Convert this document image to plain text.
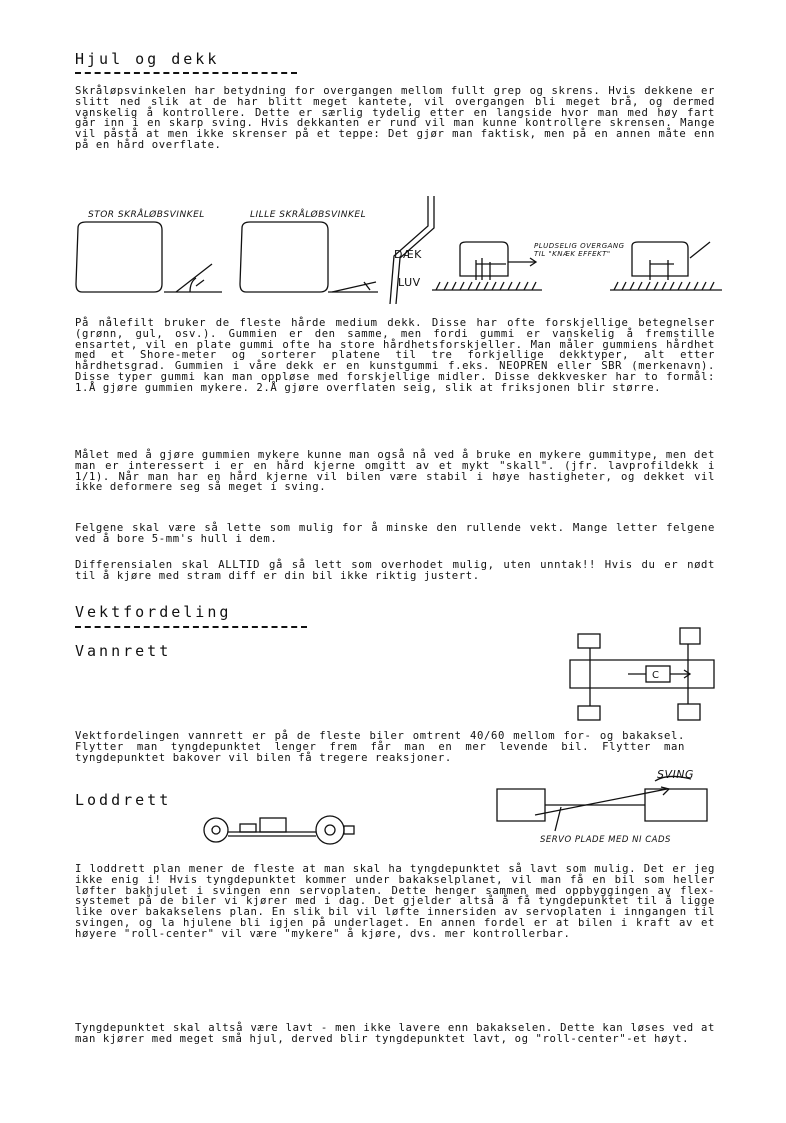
Hjul og dekk

Skråløpsvinkelen har betydning for overgangen mellom fullt grep og skrens. Hvis dekkene er slitt ned slik at de har blitt meget kantete, vil overgangen bli meget brå, og dermed vanskelig å kontrollere. Dette er særlig tydelig etter en langside hvor man med høy fart går inn i en skarp sving. Hvis dekkanten er rund vil man kunne kontrollere skrensen. Mange vil påstå at men ikke skrenser på et teppe: Det gjør man faktisk, men på en annen måte enn på en hård overflate.

STOR SKRÅLØBSVINKEL	LILLE SKRÅLØBSVINKEL
DÆK
LUV
PLUDSELIG OVERGANG TIL "KNÆK EFFEKT"

På nålefilt bruker de fleste hårde medium dekk. Disse har ofte forskjellige betegnelser (grønn, gul, osv.). Gummien er den samme, men fordi gummi er vanskelig å fremstille ensartet, vil en plate gummi ofte ha store hårdhetsforskjeller. Man måler gummiens hårdhet med et Shore-meter og sorterer platene til tre forkjellige dekktyper, alt etter hårdhetsgrad. Gummien i våre dekk er en kunstgummi f.eks. NEOPREN eller SBR (merkenavn). Disse typer gummi kan man oppløse med forskjellige midler. Disse dekkvesker har to formål: 1.Å gjøre gummien mykere. 2.Å gjøre overflaten seig, slik at friksjonen blir større.

Målet med å gjøre gummien mykere kunne man også nå ved å bruke en mykere gummitype, men det man er interessert i er en hård kjerne omgitt av et mykt "skall". (jfr. lavprofildekk i 1/1). Når man har en hård kjerne vil bilen være stabil i høye hastigheter, og dekket vil ikke deformere seg så meget i sving.

Felgene skal være så lette som mulig for å minske den rullende vekt. Mange letter felgene ved å bore 5-mm's hull i dem.

Differensialen skal ALLTID gå så lett som overhodet mulig, uten unntak!! Hvis du er nødt til å kjøre med stram diff er din bil ikke riktig justert.

Vektfordeling
Vannrett
C

Vektfordelingen vannrett er på de fleste biler omtrent 40/60 mellom for- og bakaksel. Flytter man tyngdepunktet lenger frem får man en mer levende bil. Flytter man tyngdepunktet bakover vil bilen få tregere reaksjoner.

Loddrett
SVING
SERVO PLADE MED NI CADS

I loddrett plan mener de fleste at man skal ha tyngdepunktet så lavt som mulig. Det er jeg ikke enig i! Hvis tyngdepunktet kommer under bakakselplanet, vil man få en bil som heller løfter bakhjulet i svingen enn servoplaten. Dette henger sammen med oppbyggingen av flex-systemet på de biler vi kjører med i dag. Det gjelder altså å få tyngdepunktet til å ligge like over bakakselens plan. En slik bil vil løfte innersiden av servoplaten i inngangen til svingen, og la hjulene bli igjen på underlaget. En annen fordel er at bilen i kraft av et høyere "roll-center" vil være "mykere" å kjøre, dvs. mer kontrollerbar.

Tyngdepunktet skal altså være lavt - men ikke lavere enn bakakselen. Dette kan løses ved at man kjører med meget små hjul, derved blir tyngdepunktet lavt, og "roll-center"-et høyt.
